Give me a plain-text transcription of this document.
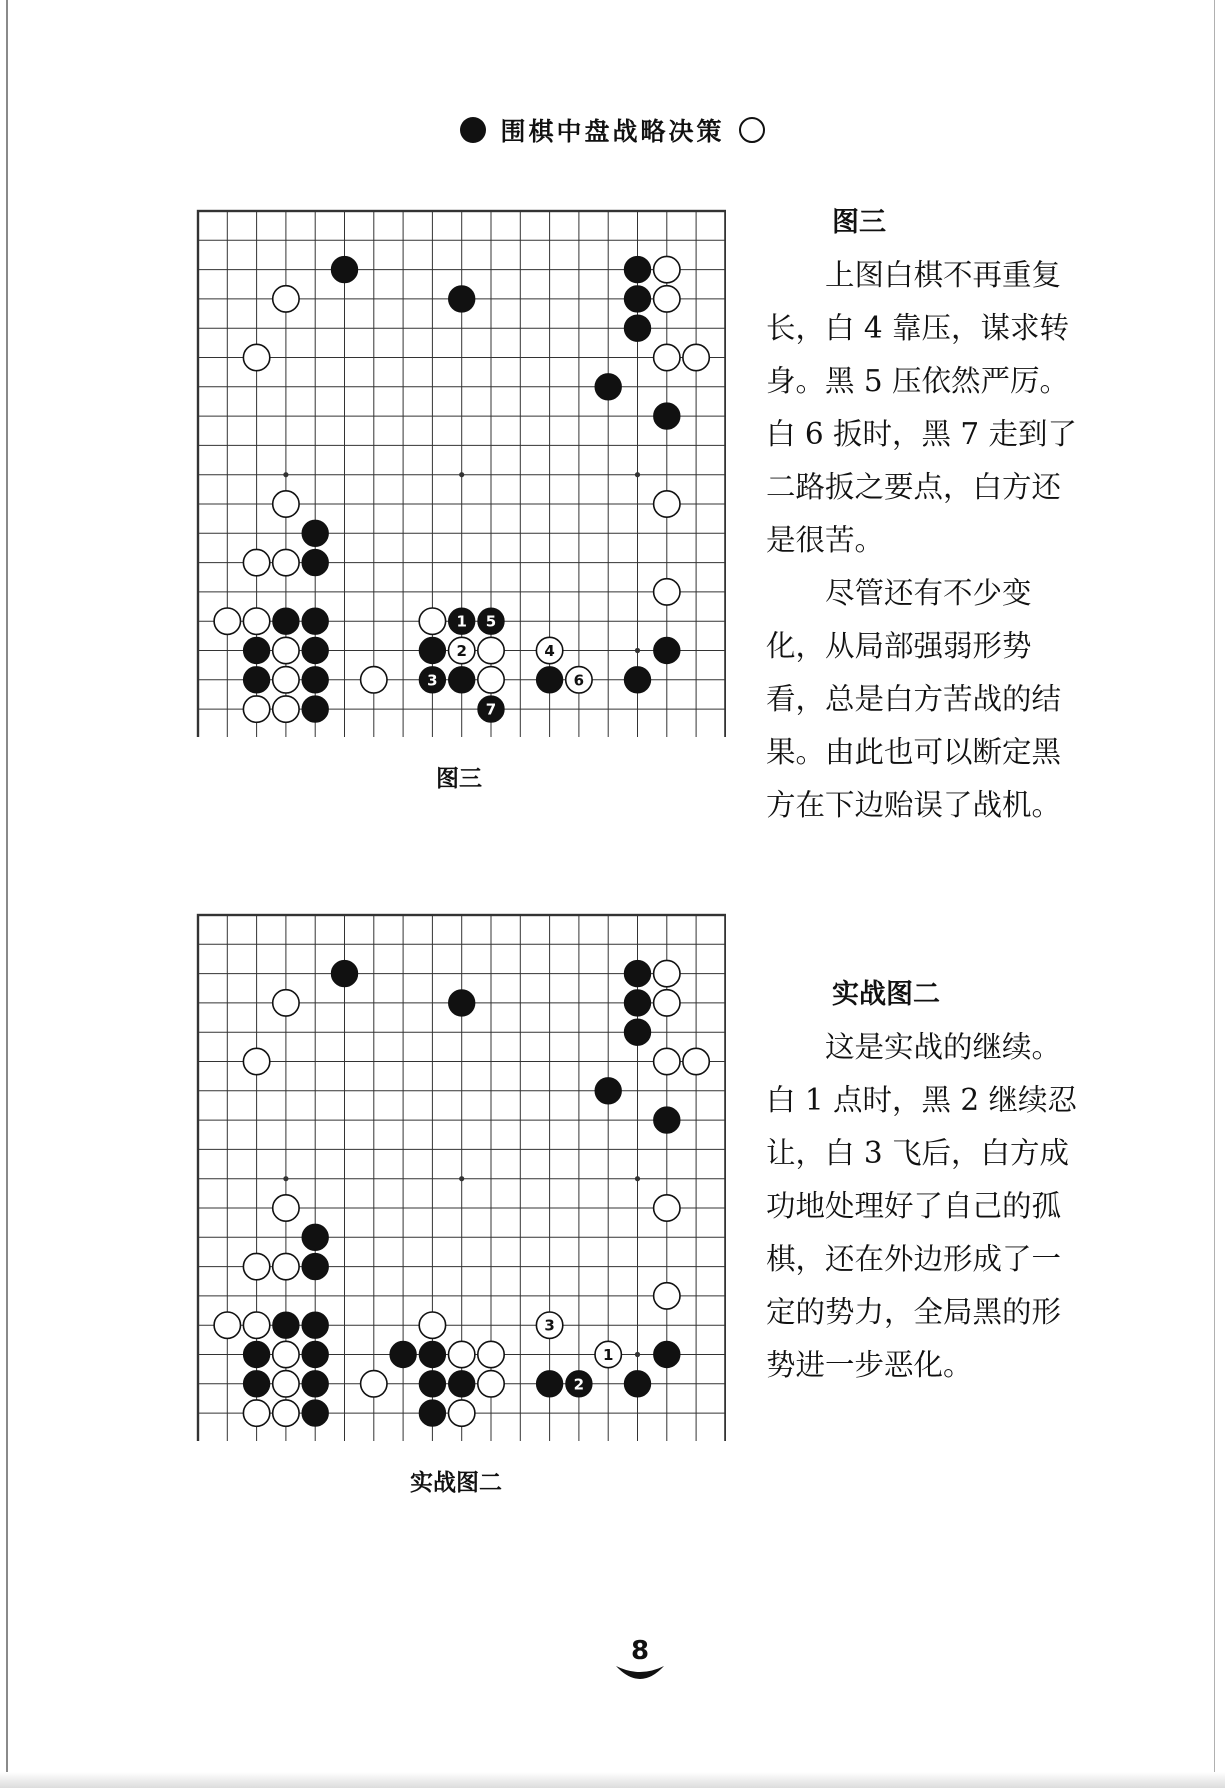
围棋中盘战略决策
1
2
3
4
5
6
7
图三
1
2
3
实战图二
图三

上图白棋不再重复长，白 4 靠压，谋求转身。黑 5 压依然严厉。白 6 扳时，黑 7 走到了二路扳之要点，白方还是很苦。

尽管还有不少变化，从局部强弱形势看，总是白方苦战的结果。由此也可以断定黑方在下边贻误了战机。

实战图二

这是实战的继续。白 1 点时，黑 2 继续忍让，白 3 飞后，白方成功地处理好了自己的孤棋，还在外边形成了一定的势力，全局黑的形势进一步恶化。

8
